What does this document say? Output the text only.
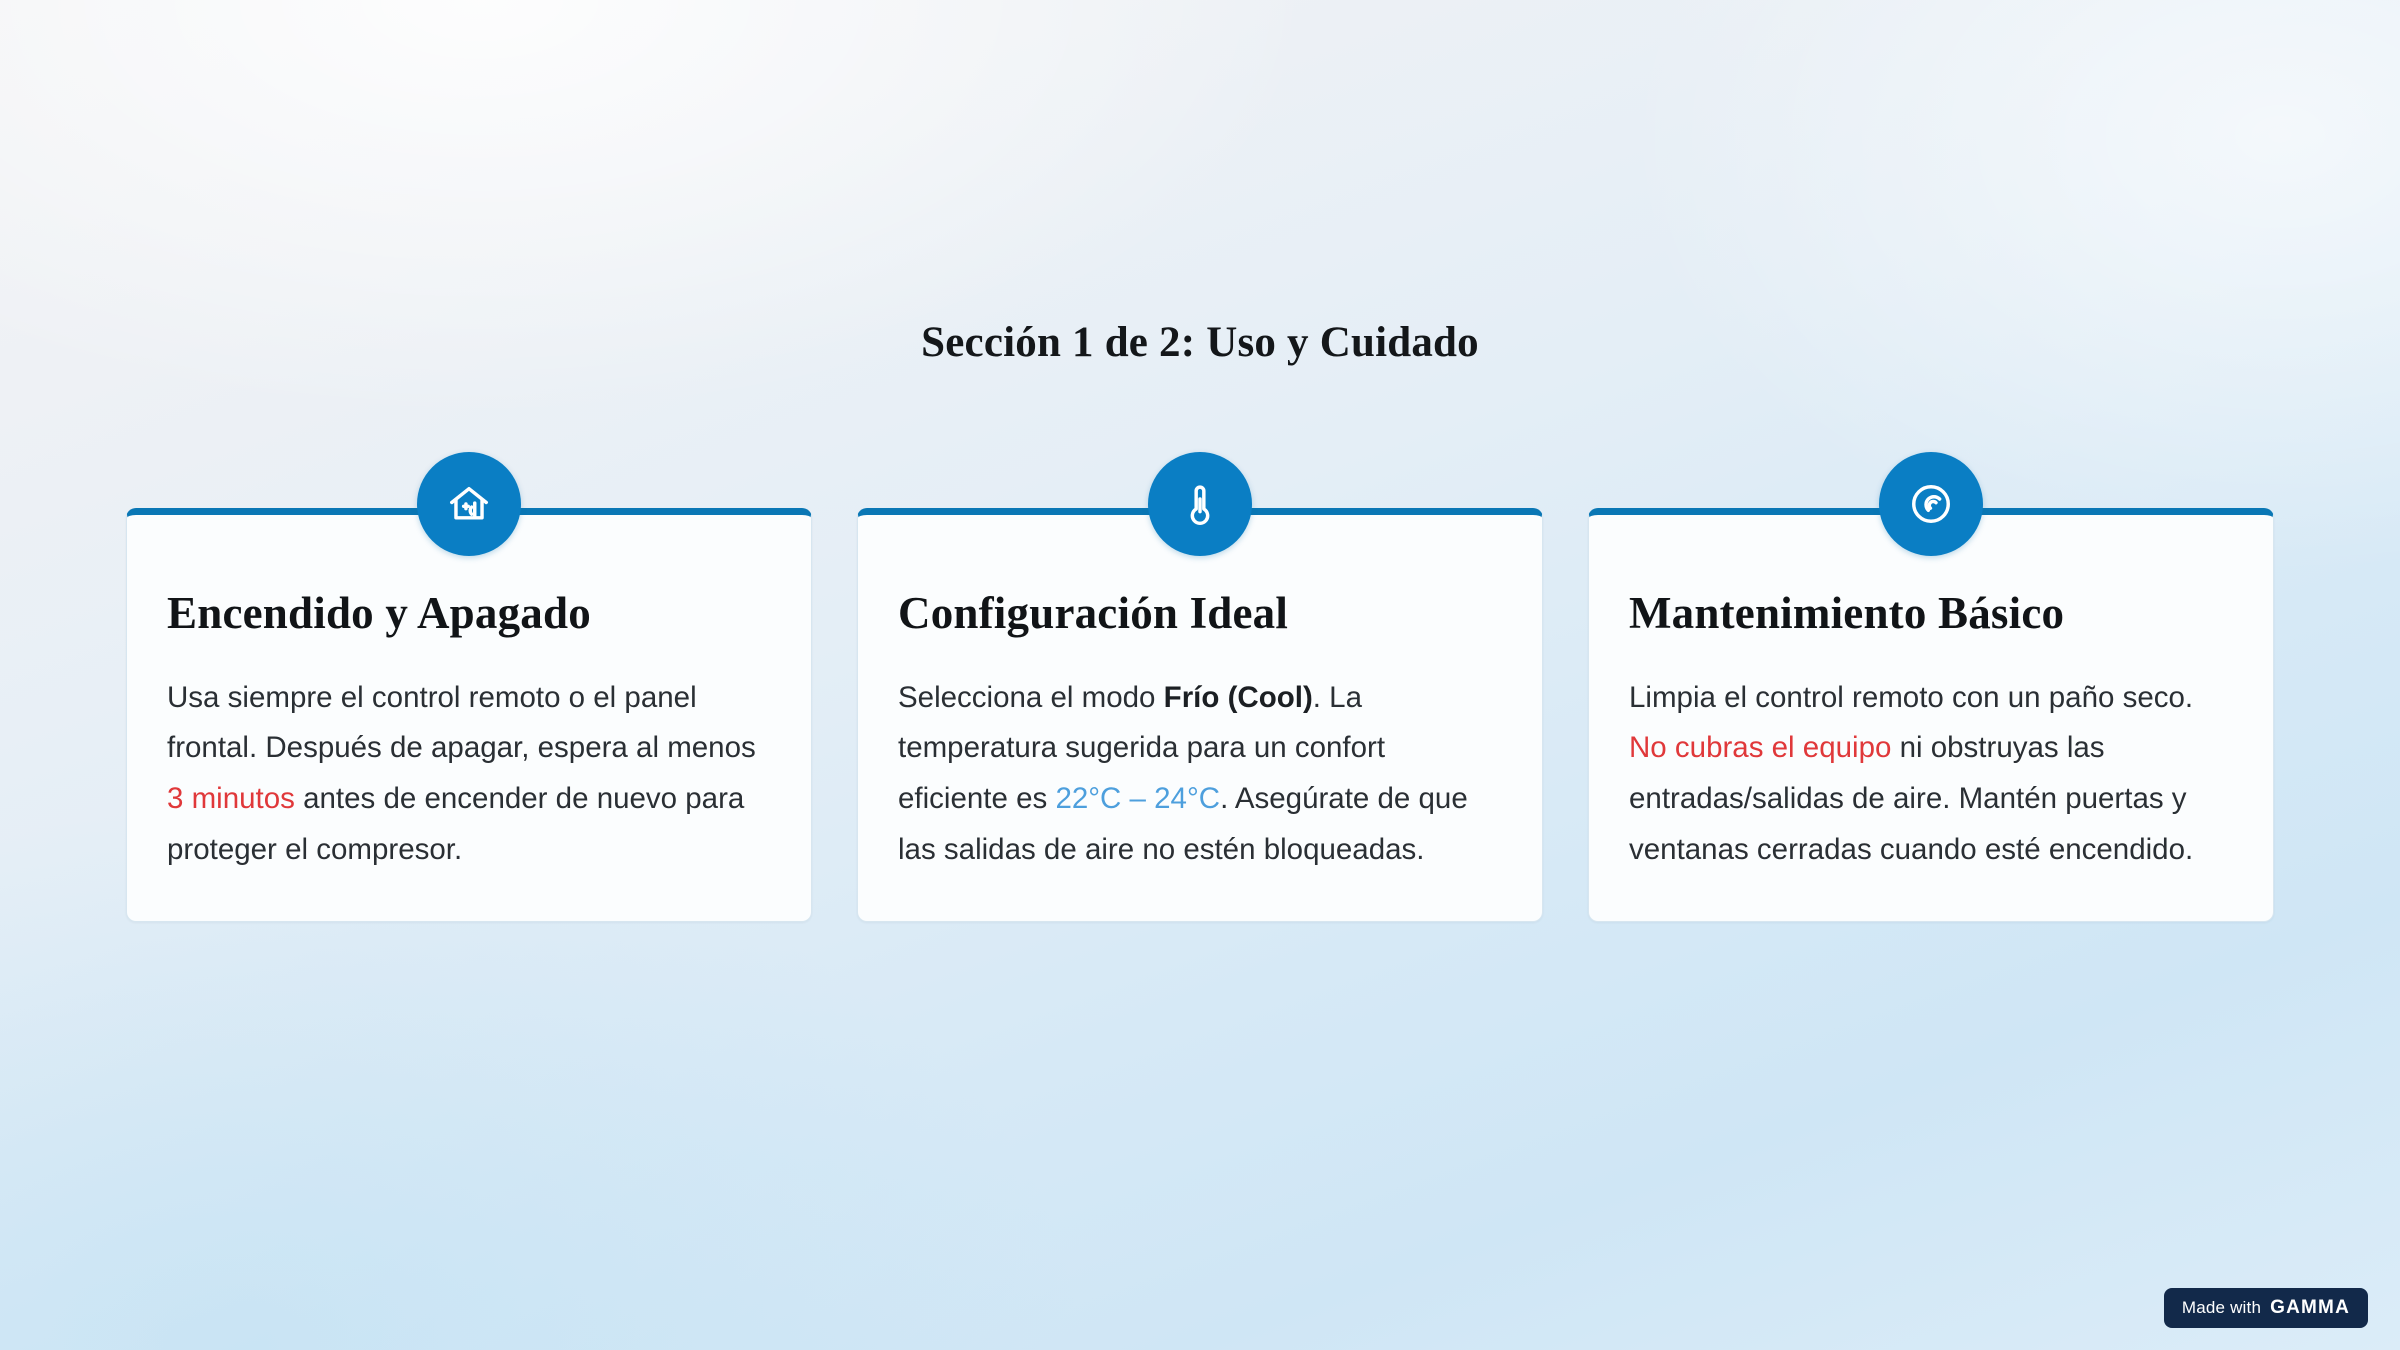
Sección 1 de 2: Uso y Cuidado
Encendido y Apagado

Usa siempre el control remoto o el panel frontal. Después de apagar, espera al menos 3 minutos antes de encender de nuevo para proteger el compresor.

Configuración Ideal

Selecciona el modo Frío (Cool). La temperatura sugerida para un confort eficiente es 22°C – 24°C. Asegúrate de que las salidas de aire no estén bloqueadas.

Mantenimiento Básico

Limpia el control remoto con un paño seco. No cubras el equipo ni obstruyas las entradas/salidas de aire. Mantén puertas y ventanas cerradas cuando esté encendido.

Made with GAMMA
